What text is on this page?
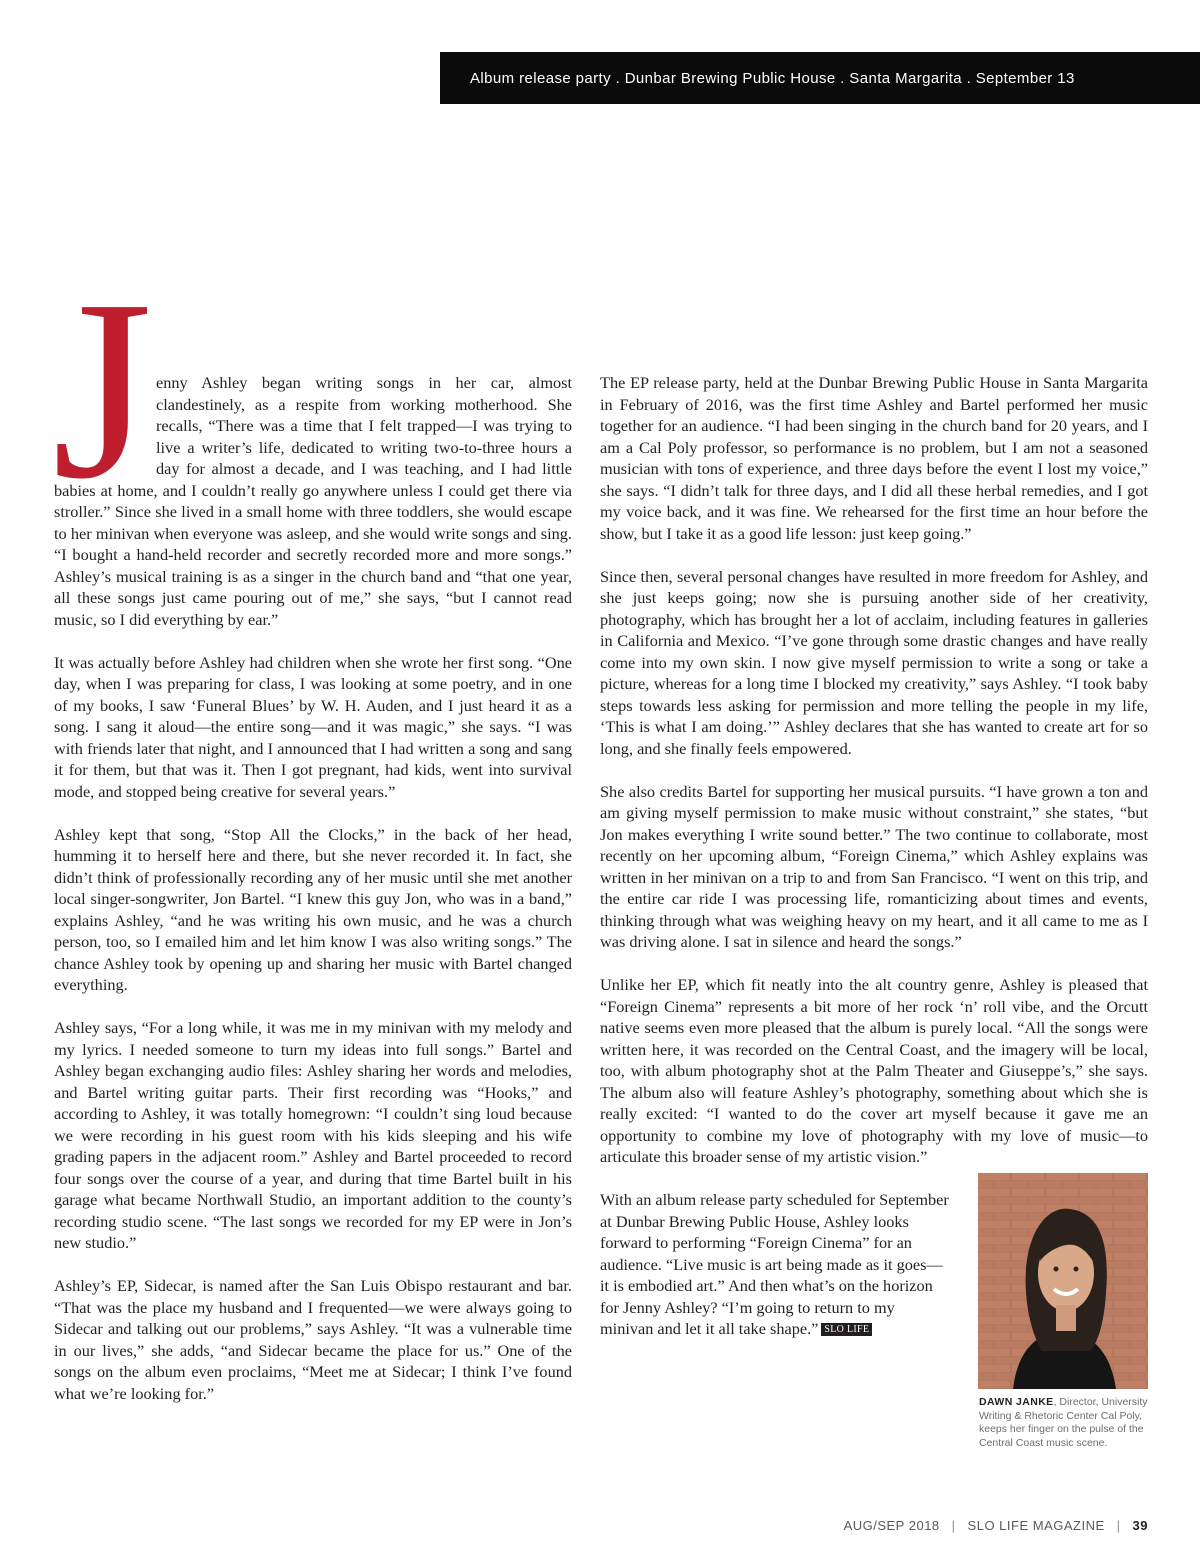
Album release party . Dunbar Brewing Public House . Santa Margarita . September 13

Jenny Ashley began writing songs in her car, almost clandestinely, as a respite from working motherhood. She recalls, “There was a time that I felt trapped—I was trying to live a writer’s life, dedicated to writing two-to-three hours a day for almost a decade, and I was teaching, and I had little babies at home, and I couldn’t really go anywhere unless I could get there via stroller.” Since she lived in a small home with three toddlers, she would escape to her minivan when everyone was asleep, and she would write songs and sing. “I bought a hand-held recorder and secretly recorded more and more songs.” Ashley’s musical training is as a singer in the church band and “that one year, all these songs just came pouring out of me,” she says, “but I cannot read music, so I did everything by ear.”

It was actually before Ashley had children when she wrote her first song. “One day, when I was preparing for class, I was looking at some poetry, and in one of my books, I saw ‘Funeral Blues’ by W. H. Auden, and I just heard it as a song. I sang it aloud—the entire song—and it was magic,” she says. “I was with friends later that night, and I announced that I had written a song and sang it for them, but that was it. Then I got pregnant, had kids, went into survival mode, and stopped being creative for several years.”

Ashley kept that song, “Stop All the Clocks,” in the back of her head, humming it to herself here and there, but she never recorded it. In fact, she didn’t think of professionally recording any of her music until she met another local singer-songwriter, Jon Bartel. “I knew this guy Jon, who was in a band,” explains Ashley, “and he was writing his own music, and he was a church person, too, so I emailed him and let him know I was also writing songs.” The chance Ashley took by opening up and sharing her music with Bartel changed everything.

Ashley says, “For a long while, it was me in my minivan with my melody and my lyrics. I needed someone to turn my ideas into full songs.” Bartel and Ashley began exchanging audio files: Ashley sharing her words and melodies, and Bartel writing guitar parts. Their first recording was “Hooks,” and according to Ashley, it was totally homegrown: “I couldn’t sing loud because we were recording in his guest room with his kids sleeping and his wife grading papers in the adjacent room.” Ashley and Bartel proceeded to record four songs over the course of a year, and during that time Bartel built in his garage what became Northwall Studio, an important addition to the county’s recording studio scene. “The last songs we recorded for my EP were in Jon’s new studio.”

Ashley’s EP, Sidecar, is named after the San Luis Obispo restaurant and bar. “That was the place my husband and I frequented—we were always going to Sidecar and talking out our problems,” says Ashley. “It was a vulnerable time in our lives,” she adds, “and Sidecar became the place for us.” One of the songs on the album even proclaims, “Meet me at Sidecar; I think I’ve found what we’re looking for.”

The EP release party, held at the Dunbar Brewing Public House in Santa Margarita in February of 2016, was the first time Ashley and Bartel performed her music together for an audience. “I had been singing in the church band for 20 years, and I am a Cal Poly professor, so performance is no problem, but I am not a seasoned musician with tons of experience, and three days before the event I lost my voice,” she says. “I didn’t talk for three days, and I did all these herbal remedies, and I got my voice back, and it was fine. We rehearsed for the first time an hour before the show, but I take it as a good life lesson: just keep going.”

Since then, several personal changes have resulted in more freedom for Ashley, and she just keeps going; now she is pursuing another side of her creativity, photography, which has brought her a lot of acclaim, including features in galleries in California and Mexico. “I’ve gone through some drastic changes and have really come into my own skin. I now give myself permission to write a song or take a picture, whereas for a long time I blocked my creativity,” says Ashley. “I took baby steps towards less asking for permission and more telling the people in my life, ‘This is what I am doing.’” Ashley declares that she has wanted to create art for so long, and she finally feels empowered.

She also credits Bartel for supporting her musical pursuits. “I have grown a ton and am giving myself permission to make music without constraint,” she states, “but Jon makes everything I write sound better.” The two continue to collaborate, most recently on her upcoming album, “Foreign Cinema,” which Ashley explains was written in her minivan on a trip to and from San Francisco. “I went on this trip, and the entire car ride I was processing life, romanticizing about times and events, thinking through what was weighing heavy on my heart, and it all came to me as I was driving alone. I sat in silence and heard the songs.”

Unlike her EP, which fit neatly into the alt country genre, Ashley is pleased that “Foreign Cinema” represents a bit more of her rock ‘n’ roll vibe, and the Orcutt native seems even more pleased that the album is purely local. “All the songs were written here, it was recorded on the Central Coast, and the imagery will be local, too, with album photography shot at the Palm Theater and Giuseppe’s,” she says. The album also will feature Ashley’s photography, something about which she is really excited: “I wanted to do the cover art myself because it gave me an opportunity to combine my love of photography with my love of music—to articulate this broader sense of my artistic vision.”

With an album release party scheduled for September at Dunbar Brewing Public House, Ashley looks forward to performing “Foreign Cinema” for an audience. “Live music is art being made as it goes—it is embodied art.” And then what’s on the horizon for Jenny Ashley? “I’m going to return to my minivan and let it all take shape.” SLO LIFE

DAWN JANKE, Director, University Writing & Rhetoric Center Cal Poly, keeps her finger on the pulse of the Central Coast music scene.
AUG/SEP 2018 | SLO LIFE MAGAZINE | 39
